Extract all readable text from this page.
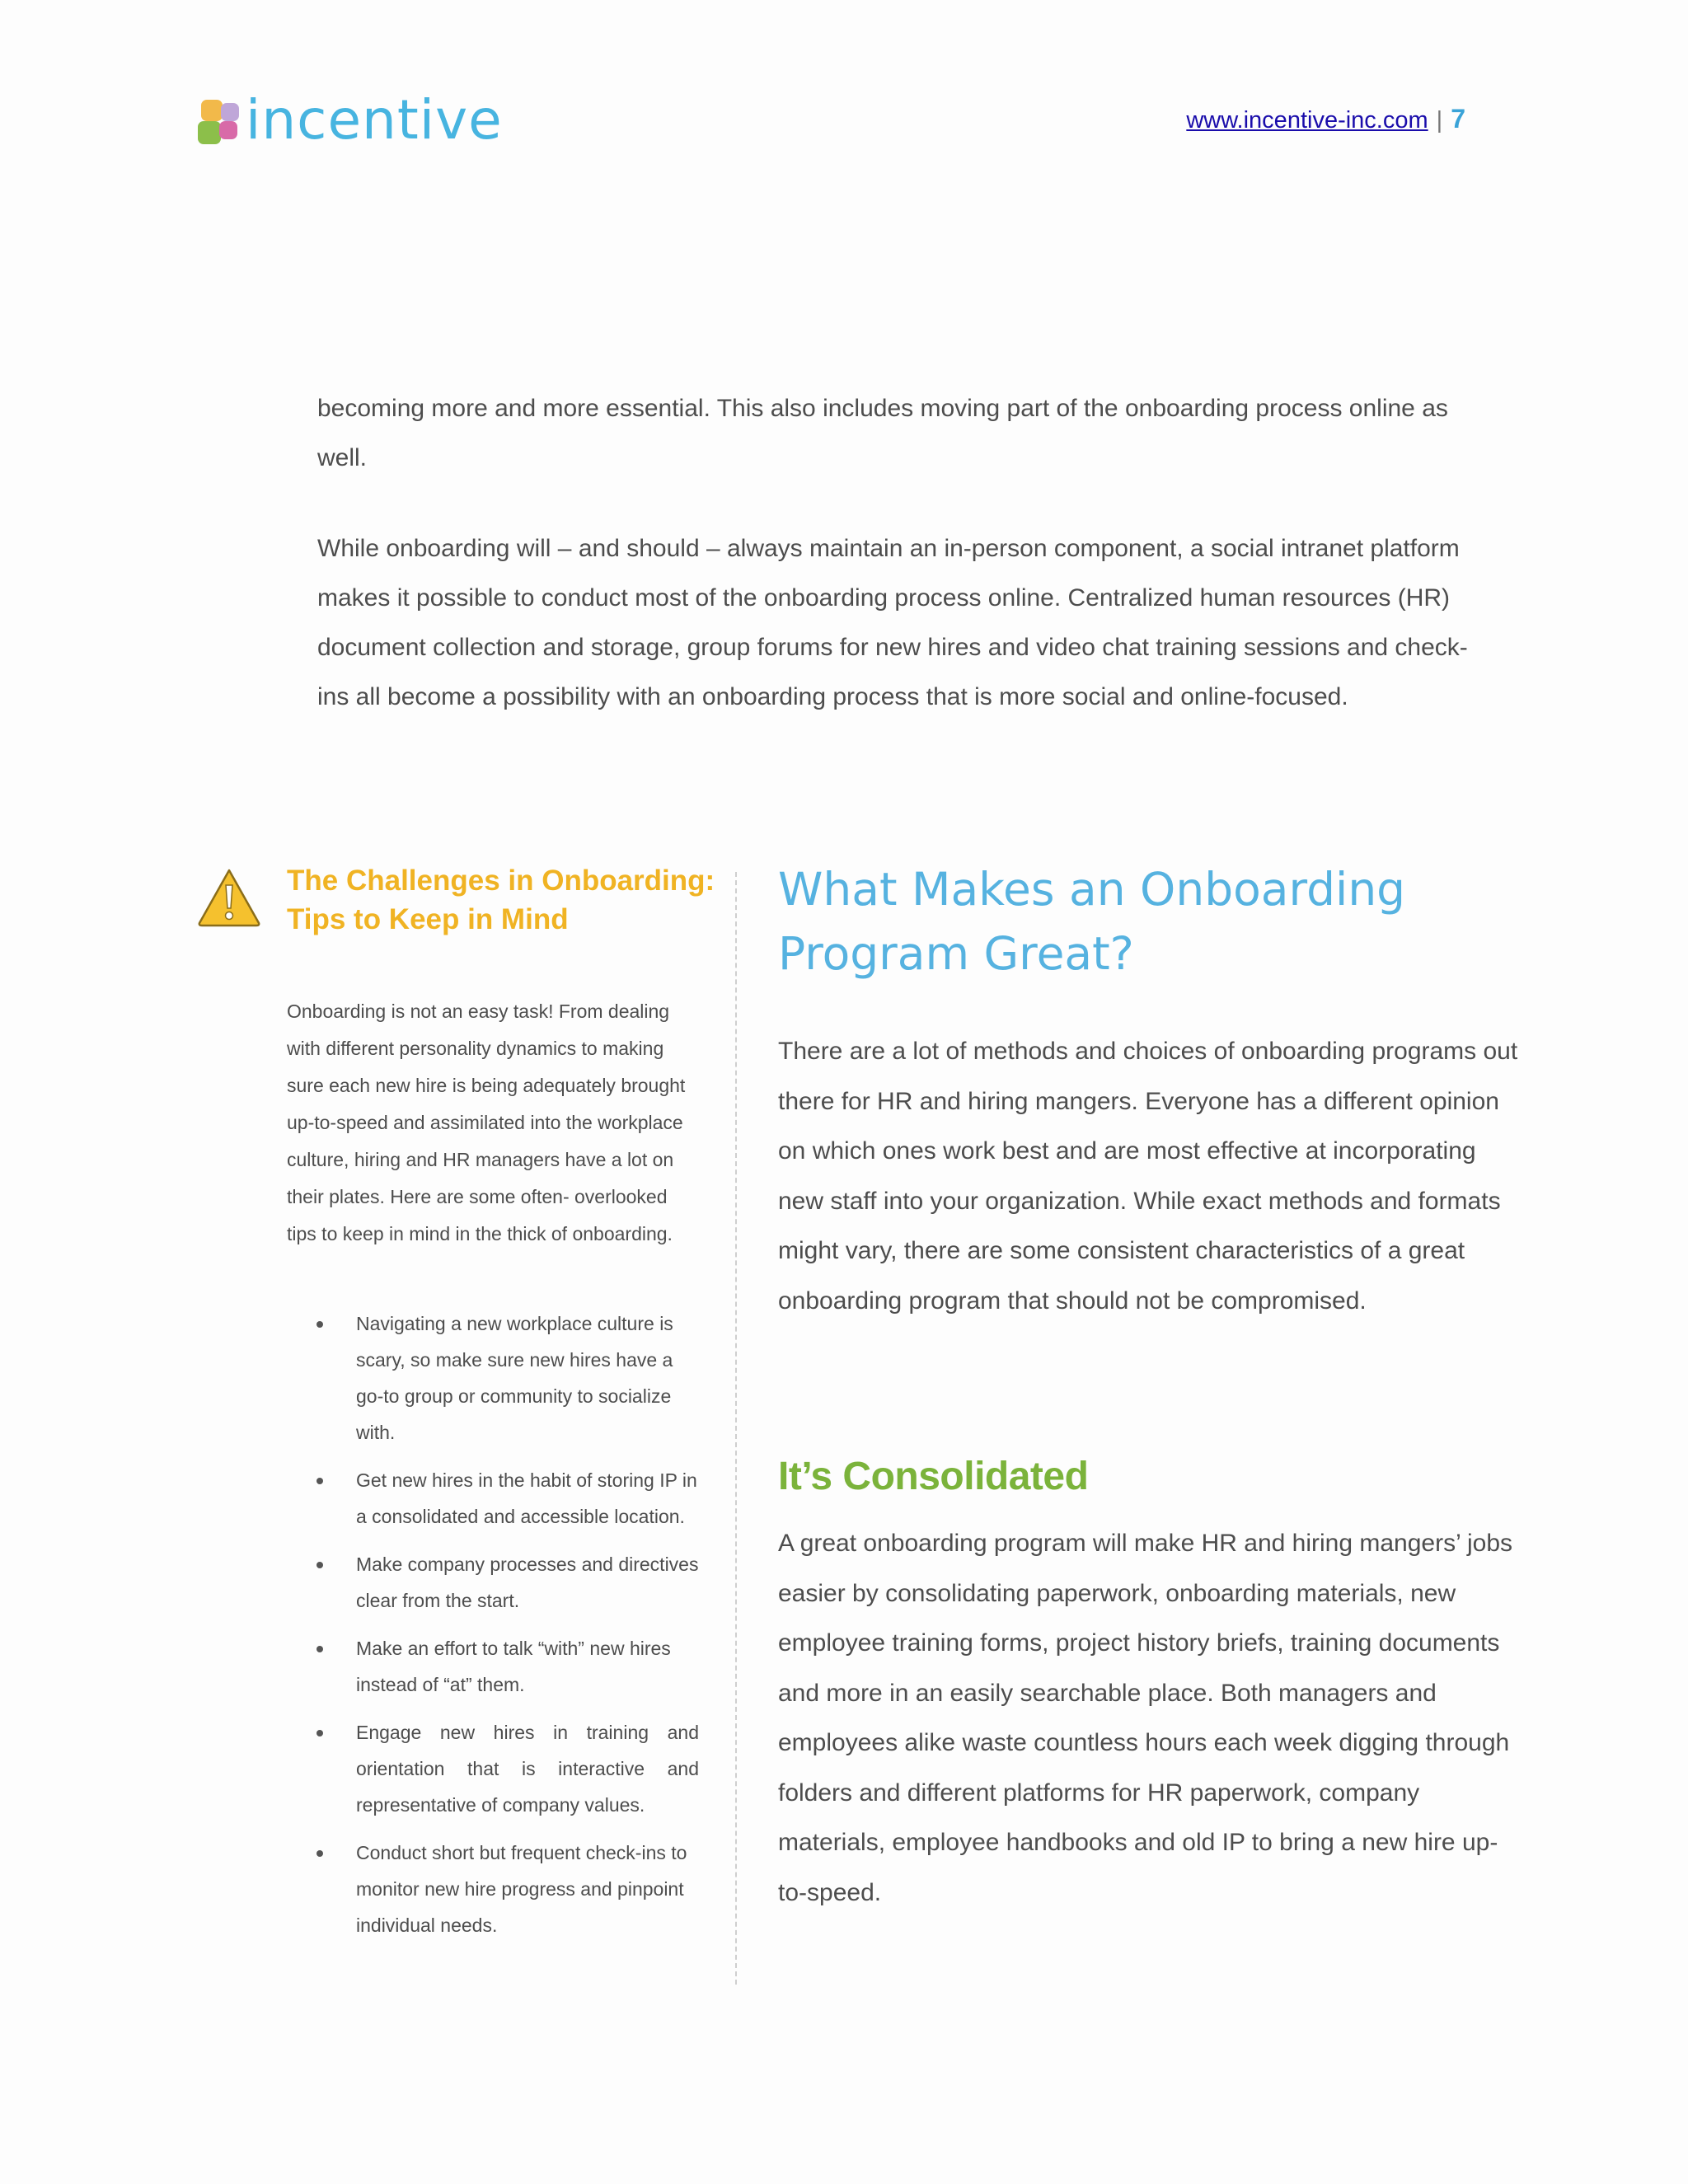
incentive	www.incentive-inc.com | 7

becoming more and more essential. This also includes moving part of the onboarding process online as well.

While onboarding will – and should – always maintain an in-person component, a social intranet platform makes it possible to conduct most of the onboarding process online. Centralized human resources (HR) document collection and storage, group forums for new hires and video chat training sessions and check-ins all become a possibility with an onboarding process that is more social and online-focused.

The Challenges in Onboarding: Tips to Keep in Mind
Onboarding is not an easy task! From dealing with different personality dynamics to making sure each new hire is being adequately brought up-to-speed and assimilated into the workplace culture, hiring and HR managers have a lot on their plates. Here are some often- overlooked tips to keep in mind in the thick of onboarding.
Navigating a new workplace culture is scary, so make sure new hires have a go-to group or community to socialize with.
Get new hires in the habit of storing IP in a consolidated and accessible location.
Make company processes and directives clear from the start.
Make an effort to talk “with” new hires instead of “at” them.
Engage new hires in training and orientation that is interactive and representative of company values.
Conduct short but frequent check-ins to monitor new hire progress and pinpoint individual needs.
What Makes an Onboarding Program Great?

There are a lot of methods and choices of onboarding programs out there for HR and hiring mangers. Everyone has a different opinion on which ones work best and are most effective at incorporating new staff into your organization. While exact methods and formats might vary, there are some consistent characteristics of a great onboarding program that should not be compromised.

It’s Consolidated

A great onboarding program will make HR and hiring mangers’ jobs easier by consolidating paperwork, onboarding materials, new employee training forms, project history briefs, training documents and more in an easily searchable place. Both managers and employees alike waste countless hours each week digging through folders and different platforms for HR paperwork, company materials, employee handbooks and old IP to bring a new hire up-to-speed.
